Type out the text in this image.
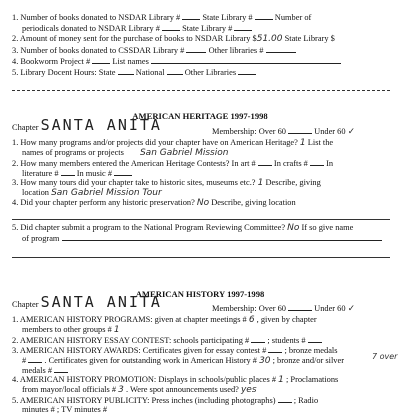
1. Number of books donated to NSDAR Library #	State Library #	Number of
periodicals donated to NSDAR Library #	State Library #
2. Amount of money sent for the purchase of books to NSDAR Library $51.00 State Library $
3. Number of books donated to CSSDAR Library #	Other libraries #
4. Bookworm Project #	List names
5. Library Docent Hours: State National Other Libraries
AMERICAN HERITAGE 1997-1998
Chapter SANTA ANITA	Membership: Over 60	Under 60 ✓
1. How many programs and/or projects did your chapter have on American Heritage? 1 List the
names of programs or projects San Gabriel Mission
2. How many members entered the American Heritage Contests? In art # In crafts # In
literature # In music #
3. How many tours did your chapter take to historic sites, museums etc.? 1 Describe, giving
location San Gabriel Mission Tour
4. Did your chapter perform any historic preservation? No Describe, giving location
5. Did chapter submit a program to the National Program Reviewing Committee? No If so give name
of program
AMERICAN HISTORY 1997-1998
Chapter SANTA ANITA	Membership: Over 60	Under 60 ✓
1. AMERICAN HISTORY PROGRAMS: given at chapter meetings # 6 , given by chapter
members to other groups # 1
2. AMERICAN HISTORY ESSAY CONTEST: schools participating # ; students #
3. AMERICAN HISTORY AWARDS: Certificates given for essay contest # ; bronze medals
# . Certificates given for outstanding work in American History # 30 ; bronze and/or silver
medals #
7 over
4. AMERICAN HISTORY PROMOTION: Displays in schools/public places # 1 ; Proclamations
from mayor/local officials # 3 . Were spot announcements used? yes
5. AMERICAN HISTORY PUBLICITY: Press inches (including photographs) ; Radio
minutes # ; TV minutes #
